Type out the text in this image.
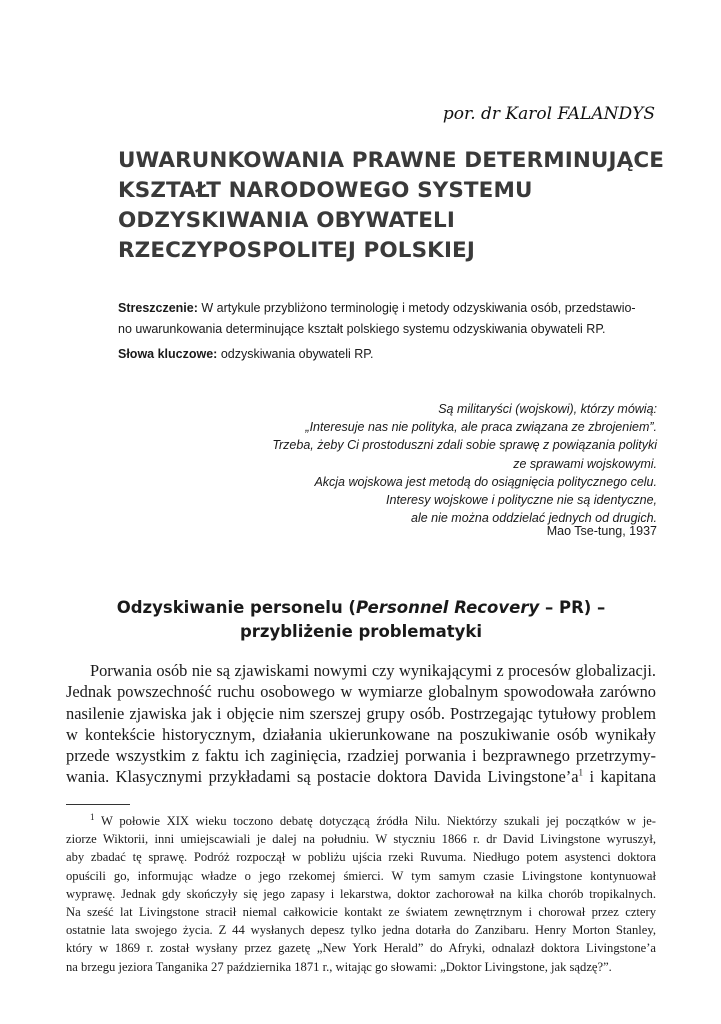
por. dr Karol FALANDYS
UWARUNKOWANIA PRAWNE DETERMINUJĄCE
KSZTAŁT NARODOWEGO SYSTEMU
ODZYSKIWANIA OBYWATELI
RZECZYPOSPOLITEJ POLSKIEJ

Streszczenie: W artykule przybliżono terminologię i metody odzyskiwania osób, przedstawio-
no uwarunkowania determinujące kształt polskiego systemu odzyskiwania obywateli RP.

Słowa kluczowe: odzyskiwania obywateli RP.

Są militaryści (wojskowi), którzy mówią:
„Interesuje nas nie polityka, ale praca związana ze zbrojeniem”.
Trzeba, żeby Ci prostoduszni zdali sobie sprawę z powiązania polityki
ze sprawami wojskowymi.
Akcja wojskowa jest metodą do osiągnięcia politycznego celu.
Interesy wojskowe i polityczne nie są identyczne,
ale nie można oddzielać jednych od drugich.
Mao Tse-tung, 1937
Odzyskiwanie personelu (Personnel Recovery – PR) –
przybliżenie problematyki

Porwania osób nie są zjawiskami nowymi czy wynikającymi z procesów globalizacji.
Jednak powszechność ruchu osobowego w wymiarze globalnym spowodowała zarówno
nasilenie zjawiska jak i objęcie nim szerszej grupy osób. Postrzegając tytułowy problem
w kontekście historycznym, działania ukierunkowane na poszukiwanie osób wynikały
przede wszystkim z faktu ich zaginięcia, rzadziej porwania i bezprawnego przetrzymy-
wania. Klasycznymi przykładami są postacie doktora Davida $Livingstone’a^1$ i kapitana

$^1$ W połowie XIX wieku toczono debatę dotyczącą źródła Nilu. Niektórzy szukali jej początków w je-
ziorze Wiktorii, inni umiejscawiali je dalej na południu. W styczniu 1866 r. dr David Livingstone wyruszył,
aby zbadać tę sprawę. Podróż rozpoczął w pobliżu ujścia rzeki Ruvuma. Niedługo potem asystenci doktora
opuścili go, informując władze o jego rzekomej śmierci. W tym samym czasie Livingstone kontynuował
wyprawę. Jednak gdy skończyły się jego zapasy i lekarstwa, doktor zachorował na kilka chorób tropikalnych.
Na sześć lat Livingstone stracił niemal całkowicie kontakt ze światem zewnętrznym i chorował przez cztery
ostatnie lata swojego życia. Z 44 wysłanych depesz tylko jedna dotarła do Zanzibaru. Henry Morton Stanley,
który w 1869 r. został wysłany przez gazetę „New York Herald” do Afryki, odnalazł doktora Livingstone’a
na brzegu jeziora Tanganika 27 października 1871 r., witając go słowami: „Doktor Livingstone, jak sądzę?”.
